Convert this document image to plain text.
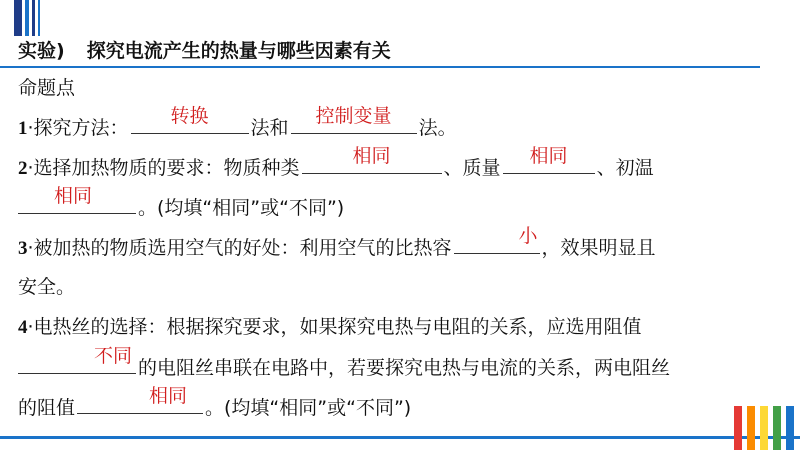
实验) 探究电流产生的热量与哪些因素有关
命题点
1·探究方法：
转换
法和
控制变量
法。
2·选择加热物质的要求：物质种类
相同
、质量
相同
、初温
相同
。(均填“相同”或“不同”)
3·被加热的物质选用空气的好处：利用空气的比热容
小
，效果明显且
安全。
4·电热丝的选择：根据探究要求，如果探究电热与电阻的关系，应选用阻值
不同
的电阻丝串联在电路中，若要探究电热与电流的关系，两电阻丝
的阻值
相同
。(均填“相同”或“不同”)
